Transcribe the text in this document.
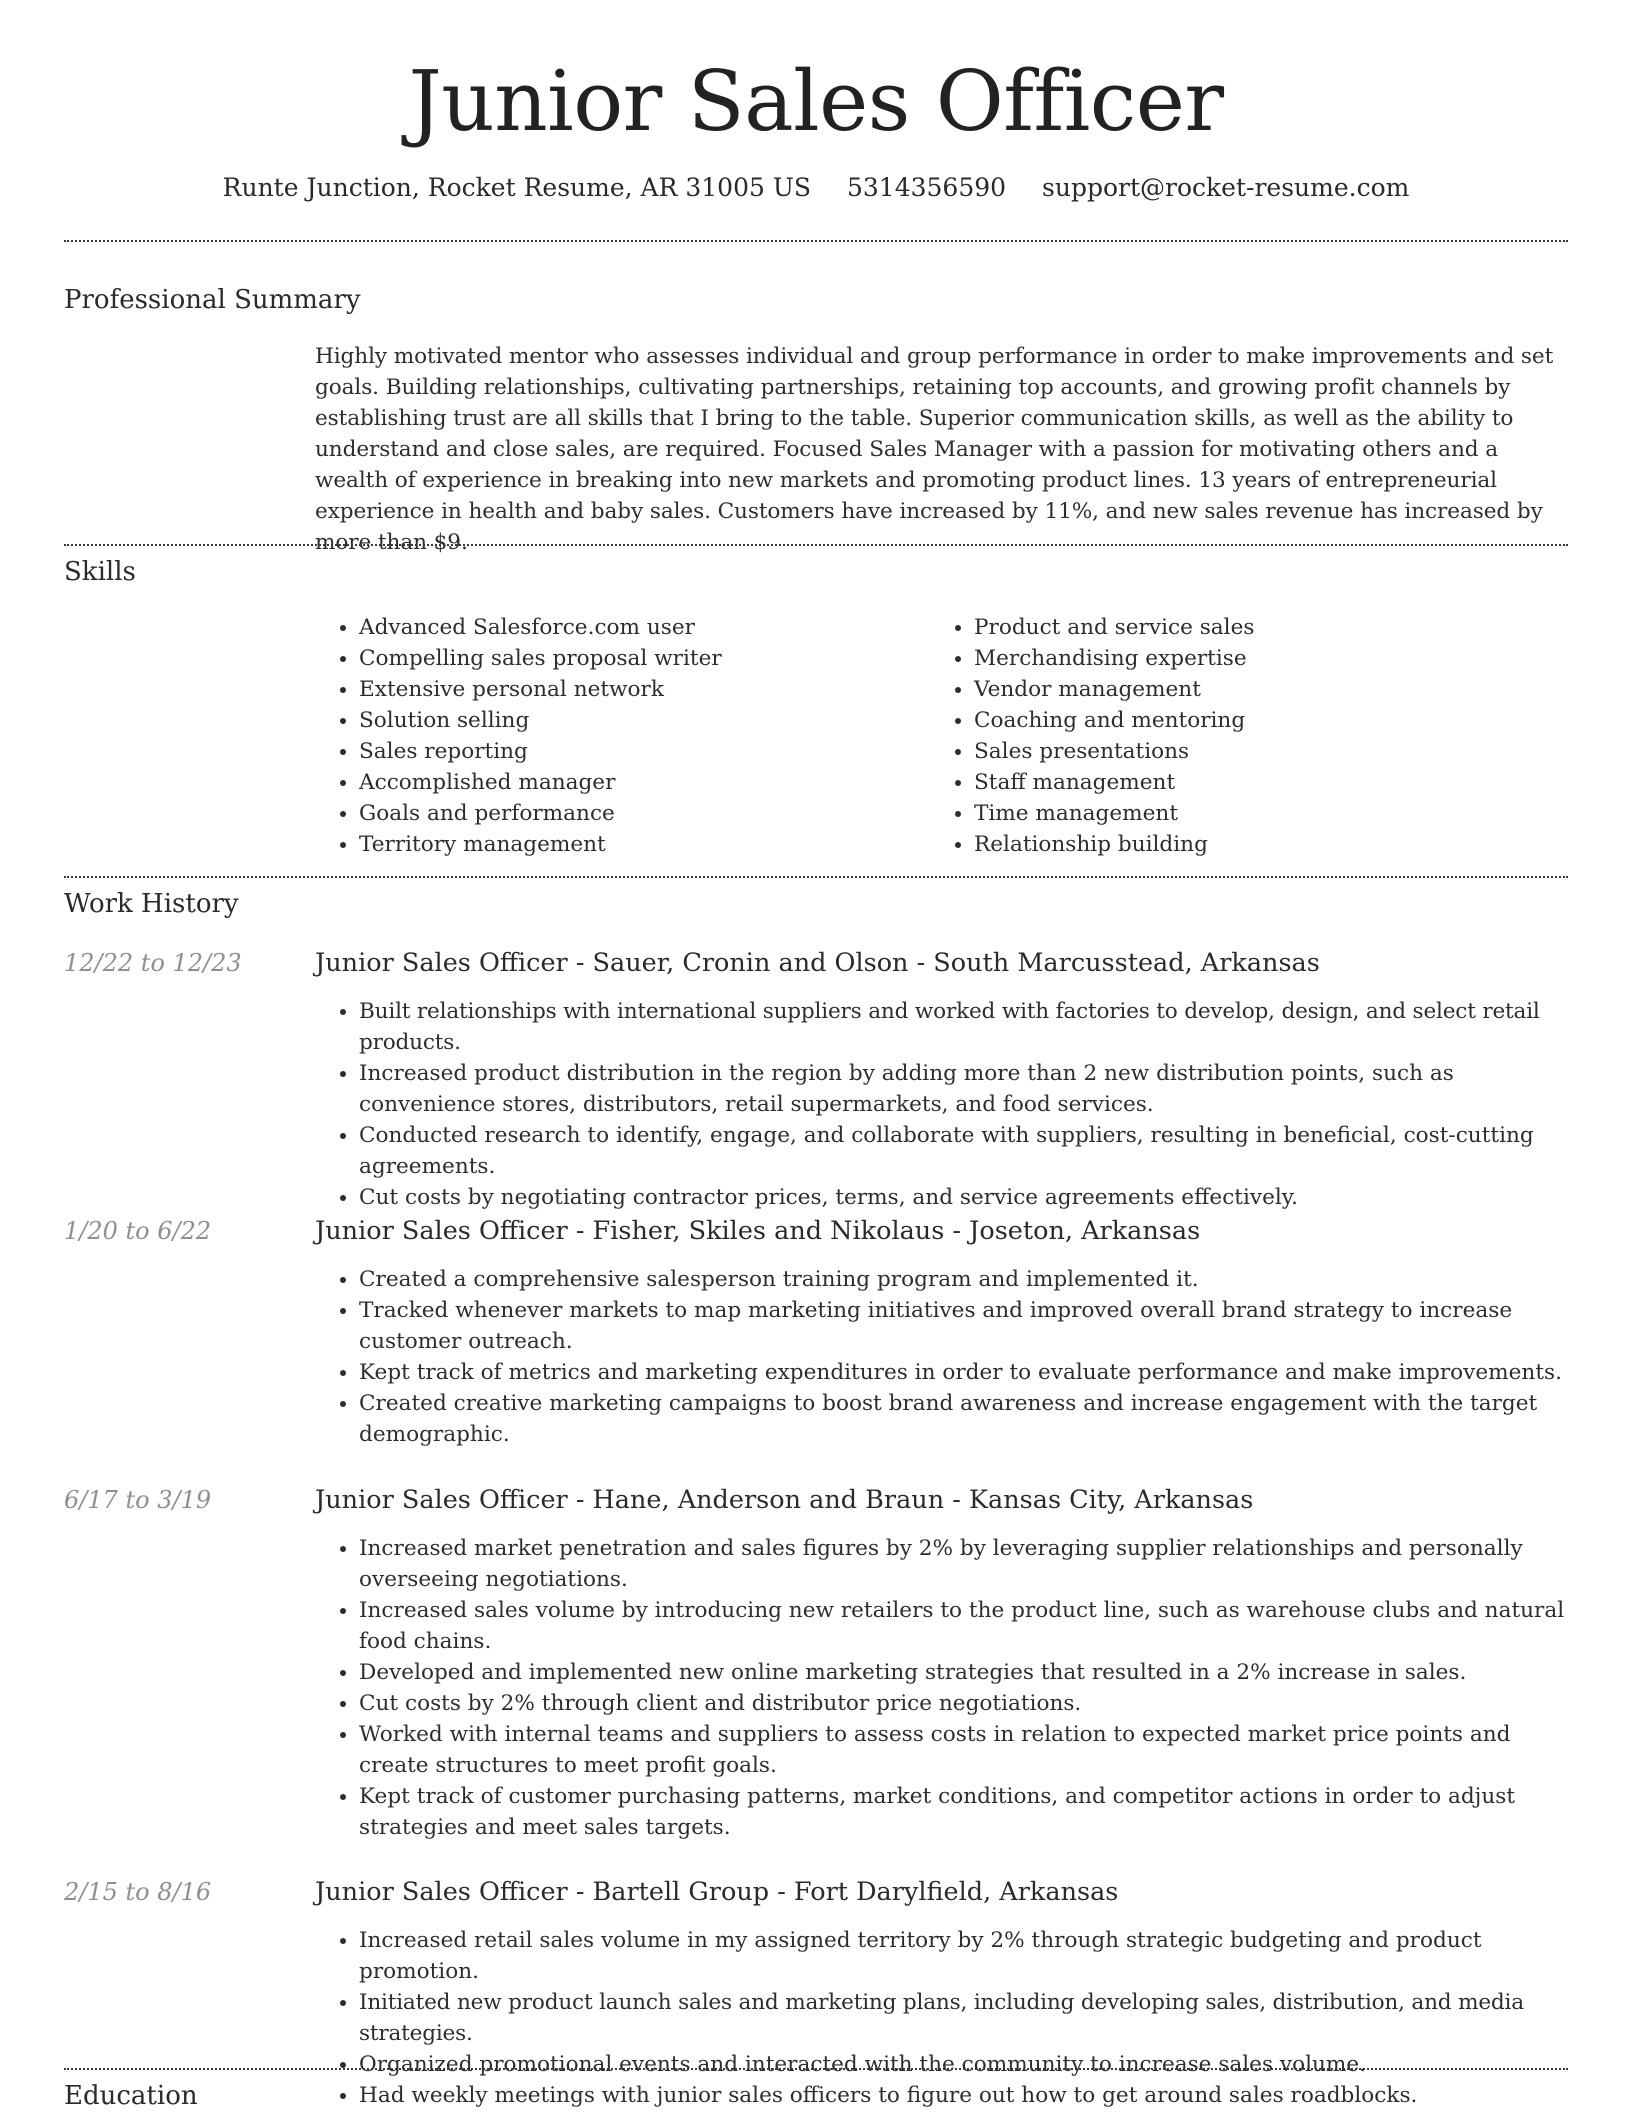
Junior Sales Officer
Runte Junction, Rocket Resume, AR 31005 US 5314356590 support@rocket-resume.com
Professional Summary

Highly motivated mentor who assesses individual and group performance in order to make improvements and set goals. Building relationships, cultivating partnerships, retaining top accounts, and growing profit channels by establishing trust are all skills that I bring to the table. Superior communication skills, as well as the ability to understand and close sales, are required. Focused Sales Manager with a passion for motivating others and a wealth of experience in breaking into new markets and promoting product lines. 13 years of entrepreneurial experience in health and baby sales. Customers have increased by 11%, and new sales revenue has increased by more than $9.

Skills
• Advanced Salesforce.com user
• Compelling sales proposal writer
• Extensive personal network
• Solution selling
• Sales reporting
• Accomplished manager
• Goals and performance
• Territory management
• Product and service sales
• Merchandising expertise
• Vendor management
• Coaching and mentoring
• Sales presentations
• Staff management
• Time management
• Relationship building
Work History
12/22 to 12/23	Junior Sales Officer - Sauer, Cronin and Olson - South Marcusstead, Arkansas
• Built relationships with international suppliers and worked with factories to develop, design, and select retail products.
• Increased product distribution in the region by adding more than 2 new distribution points, such as convenience stores, distributors, retail supermarkets, and food services.
• Conducted research to identify, engage, and collaborate with suppliers, resulting in beneficial, cost-cutting agreements.
• Cut costs by negotiating contractor prices, terms, and service agreements effectively.
1/20 to 6/22	Junior Sales Officer - Fisher, Skiles and Nikolaus - Joseton, Arkansas
• Created a comprehensive salesperson training program and implemented it.
• Tracked whenever markets to map marketing initiatives and improved overall brand strategy to increase customer outreach.
• Kept track of metrics and marketing expenditures in order to evaluate performance and make improvements.
• Created creative marketing campaigns to boost brand awareness and increase engagement with the target demographic.
6/17 to 3/19	Junior Sales Officer - Hane, Anderson and Braun - Kansas City, Arkansas
• Increased market penetration and sales figures by 2% by leveraging supplier relationships and personally overseeing negotiations.
• Increased sales volume by introducing new retailers to the product line, such as warehouse clubs and natural food chains.
• Developed and implemented new online marketing strategies that resulted in a 2% increase in sales.
• Cut costs by 2% through client and distributor price negotiations.
• Worked with internal teams and suppliers to assess costs in relation to expected market price points and create structures to meet profit goals.
• Kept track of customer purchasing patterns, market conditions, and competitor actions in order to adjust strategies and meet sales targets.
2/15 to 8/16	Junior Sales Officer - Bartell Group - Fort Darylfield, Arkansas
• Increased retail sales volume in my assigned territory by 2% through strategic budgeting and product promotion.
• Initiated new product launch sales and marketing plans, including developing sales, distribution, and media strategies.
• Organized promotional events and interacted with the community to increase sales volume.
• Had weekly meetings with junior sales officers to figure out how to get around sales roadblocks.
Education
